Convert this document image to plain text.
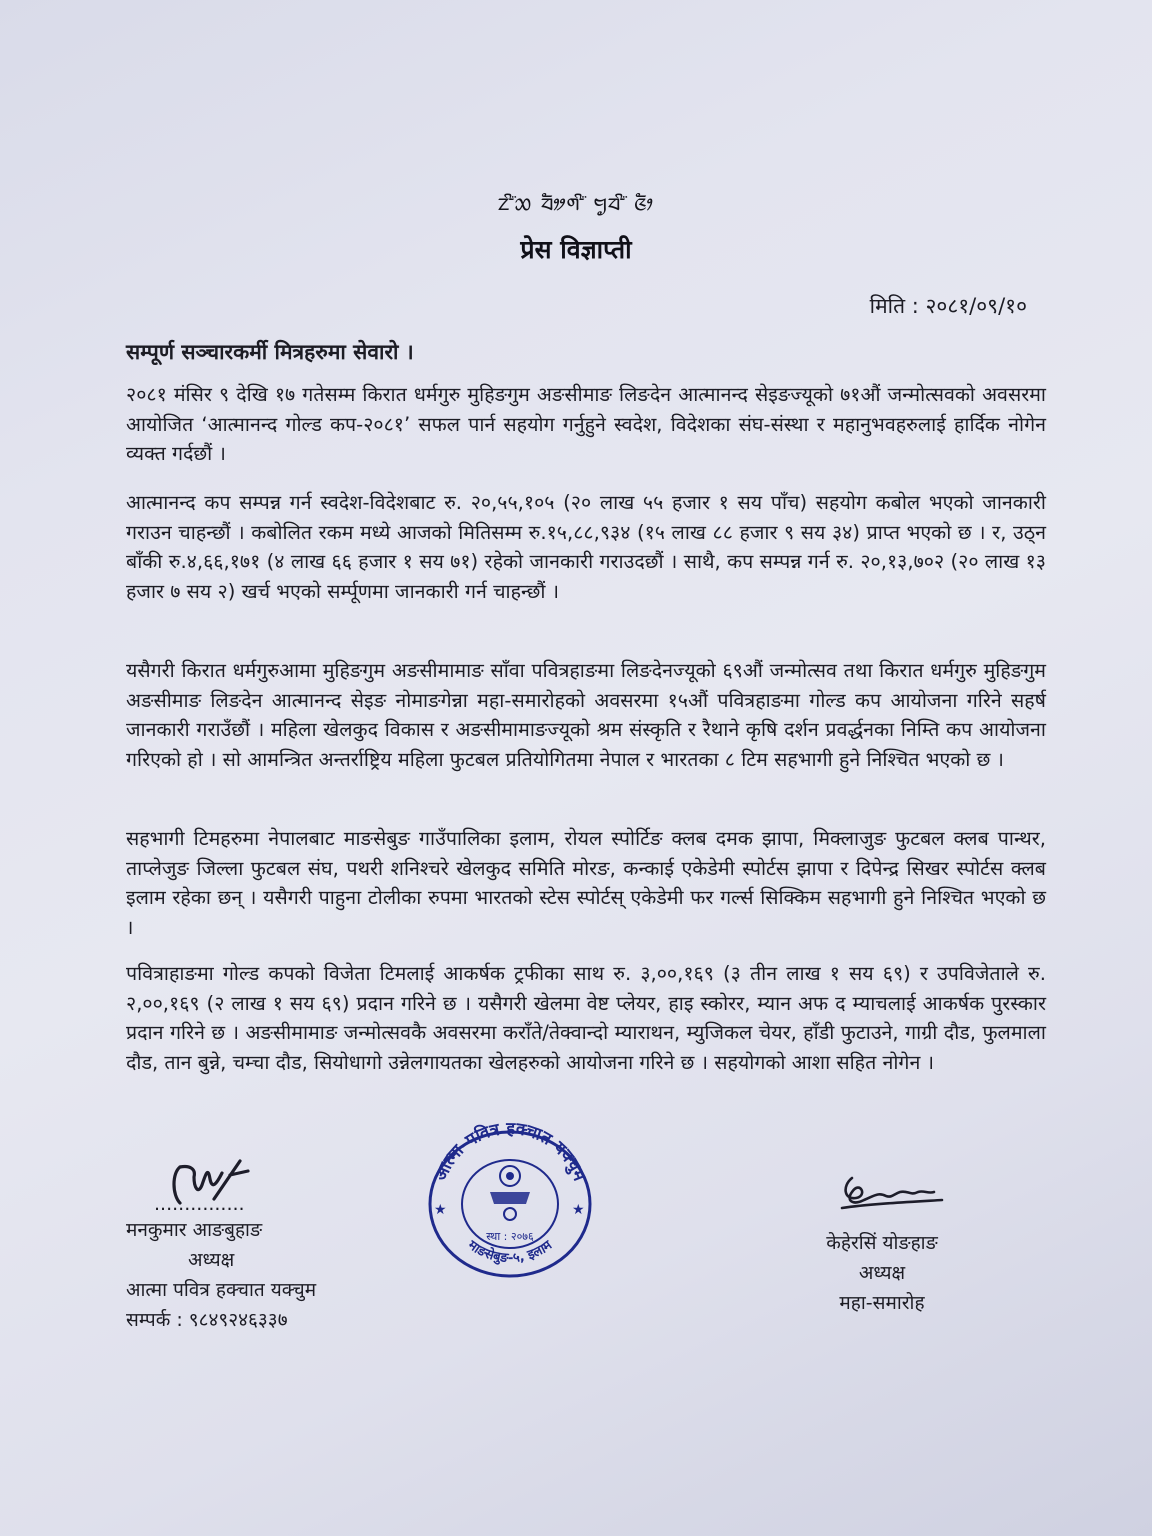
ᤁᤡ᤺ᤑ ᤔᤦᤛᤡ᤺ ᤗᤢᤔᤡ᤺ ᤜᤥ
प्रेस विज्ञाप्ती
मिति : २०८१/०९/१०
सम्पूर्ण सञ्चारकर्मी मित्रहरुमा सेवारो ।

२०८१ मंसिर ९ देखि १७ गतेसम्म किरात धर्मगुरु मुहिङगुम अङसीमाङ लिङदेन आत्मानन्द सेइङज्यूको ७१औं जन्मोत्सवको अवसरमा आयोजित ‘आत्मानन्द गोल्ड कप-२०८१’ सफल पार्न सहयोग गर्नुहुने स्वदेश, विदेशका संघ-संस्था र महानुभवहरुलाई हार्दिक नोगेन व्यक्त गर्दछौं ।

आत्मानन्द कप सम्पन्न गर्न स्वदेश-विदेशबाट रु. २०,५५,१०५ (२० लाख ५५ हजार १ सय पाँच) सहयोग कबोल भएको जानकारी गराउन चाहन्छौं । कबोलित रकम मध्ये आजको मितिसम्म रु.१५,८८,९३४ (१५ लाख ८८ हजार ९ सय ३४) प्राप्त भएको छ । र, उठ्न बाँकी रु.४,६६,१७१ (४ लाख ६६ हजार १ सय ७१) रहेको जानकारी गराउदछौं । साथै, कप सम्पन्न गर्न रु. २०,१३,७०२ (२० लाख १३ हजार ७ सय २) खर्च भएको सर्म्पूणमा जानकारी गर्न चाहन्छौं ।

यसैगरी किरात धर्मगुरुआमा मुहिङगुम अङसीमामाङ साँवा पवित्रहाङमा लिङदेनज्यूको ६९औं जन्मोत्सव तथा किरात धर्मगुरु मुहिङगुम अङसीमाङ लिङदेन आत्मानन्द सेइङ नोमाङगेन्ना महा-समारोहको अवसरमा १५औं पवित्रहाङमा गोल्ड कप आयोजना गरिने सहर्ष जानकारी गराउँछौं । महिला खेलकुद विकास र अङसीमामाङज्यूको श्रम संस्कृति र रैथाने कृषि दर्शन प्रवर्द्धनका निम्ति कप आयोजना गरिएको हो । सो आमन्त्रित अन्तर्राष्ट्रिय महिला फुटबल प्रतियोगितमा नेपाल र भारतका ८ टिम सहभागी हुने निश्चित भएको छ ।

सहभागी टिमहरुमा नेपालबाट माङसेबुङ गाउँपालिका इलाम, रोयल स्पोर्टिङ क्लब दमक झापा, मिक्लाजुङ फुटबल क्लब पान्थर, ताप्लेजुङ जिल्ला फुटबल संघ, पथरी शनिश्चरे खेलकुद समिति मोरङ, कन्काई एकेडेमी स्पोर्टस झापा र दिपेन्द्र सिखर स्पोर्टस क्लब इलाम रहेका छन् । यसैगरी पाहुना टोलीका रुपमा भारतको स्टेस स्पोर्टस् एकेडेमी फर गर्ल्स सिक्किम सहभागी हुने निश्चित भएको छ ।

पवित्राहाङमा गोल्ड कपको विजेता टिमलाई आकर्षक ट्रफीका साथ रु. ३,००,१६९ (३ तीन लाख १ सय ६९) र उपविजेताले रु. २,००,१६९ (२ लाख १ सय ६९) प्रदान गरिने छ । यसैगरी खेलमा वेष्ट प्लेयर, हाइ स्कोरर, म्यान अफ द म्याचलाई आकर्षक पुरस्कार प्रदान गरिने छ । अङसीमामाङ जन्मोत्सवकै अवसरमा कराँते/तेक्वान्दो म्याराथन, म्युजिकल चेयर, हाँडी फुटाउने, गाग्री दौड, फुलमाला दौड, तान बुन्ने, चम्चा दौड, सियोधागो उन्नेलगायतका खेलहरुको आयोजना गरिने छ । सहयोगको आशा सहित नोगेन ।

...............
मनकुमार आङबुहाङ
अध्यक्ष
आत्मा पवित्र हक्चात यक्चुम
सम्पर्क : ९८४९२४६३३७
केहेरसिं योङहाङ
अध्यक्ष
महा-समारोह
आत्मा-पवित्र हक्चात यक्चुम
माङसेबुङ-५, इलाम
★	★
स्था : २०७६
